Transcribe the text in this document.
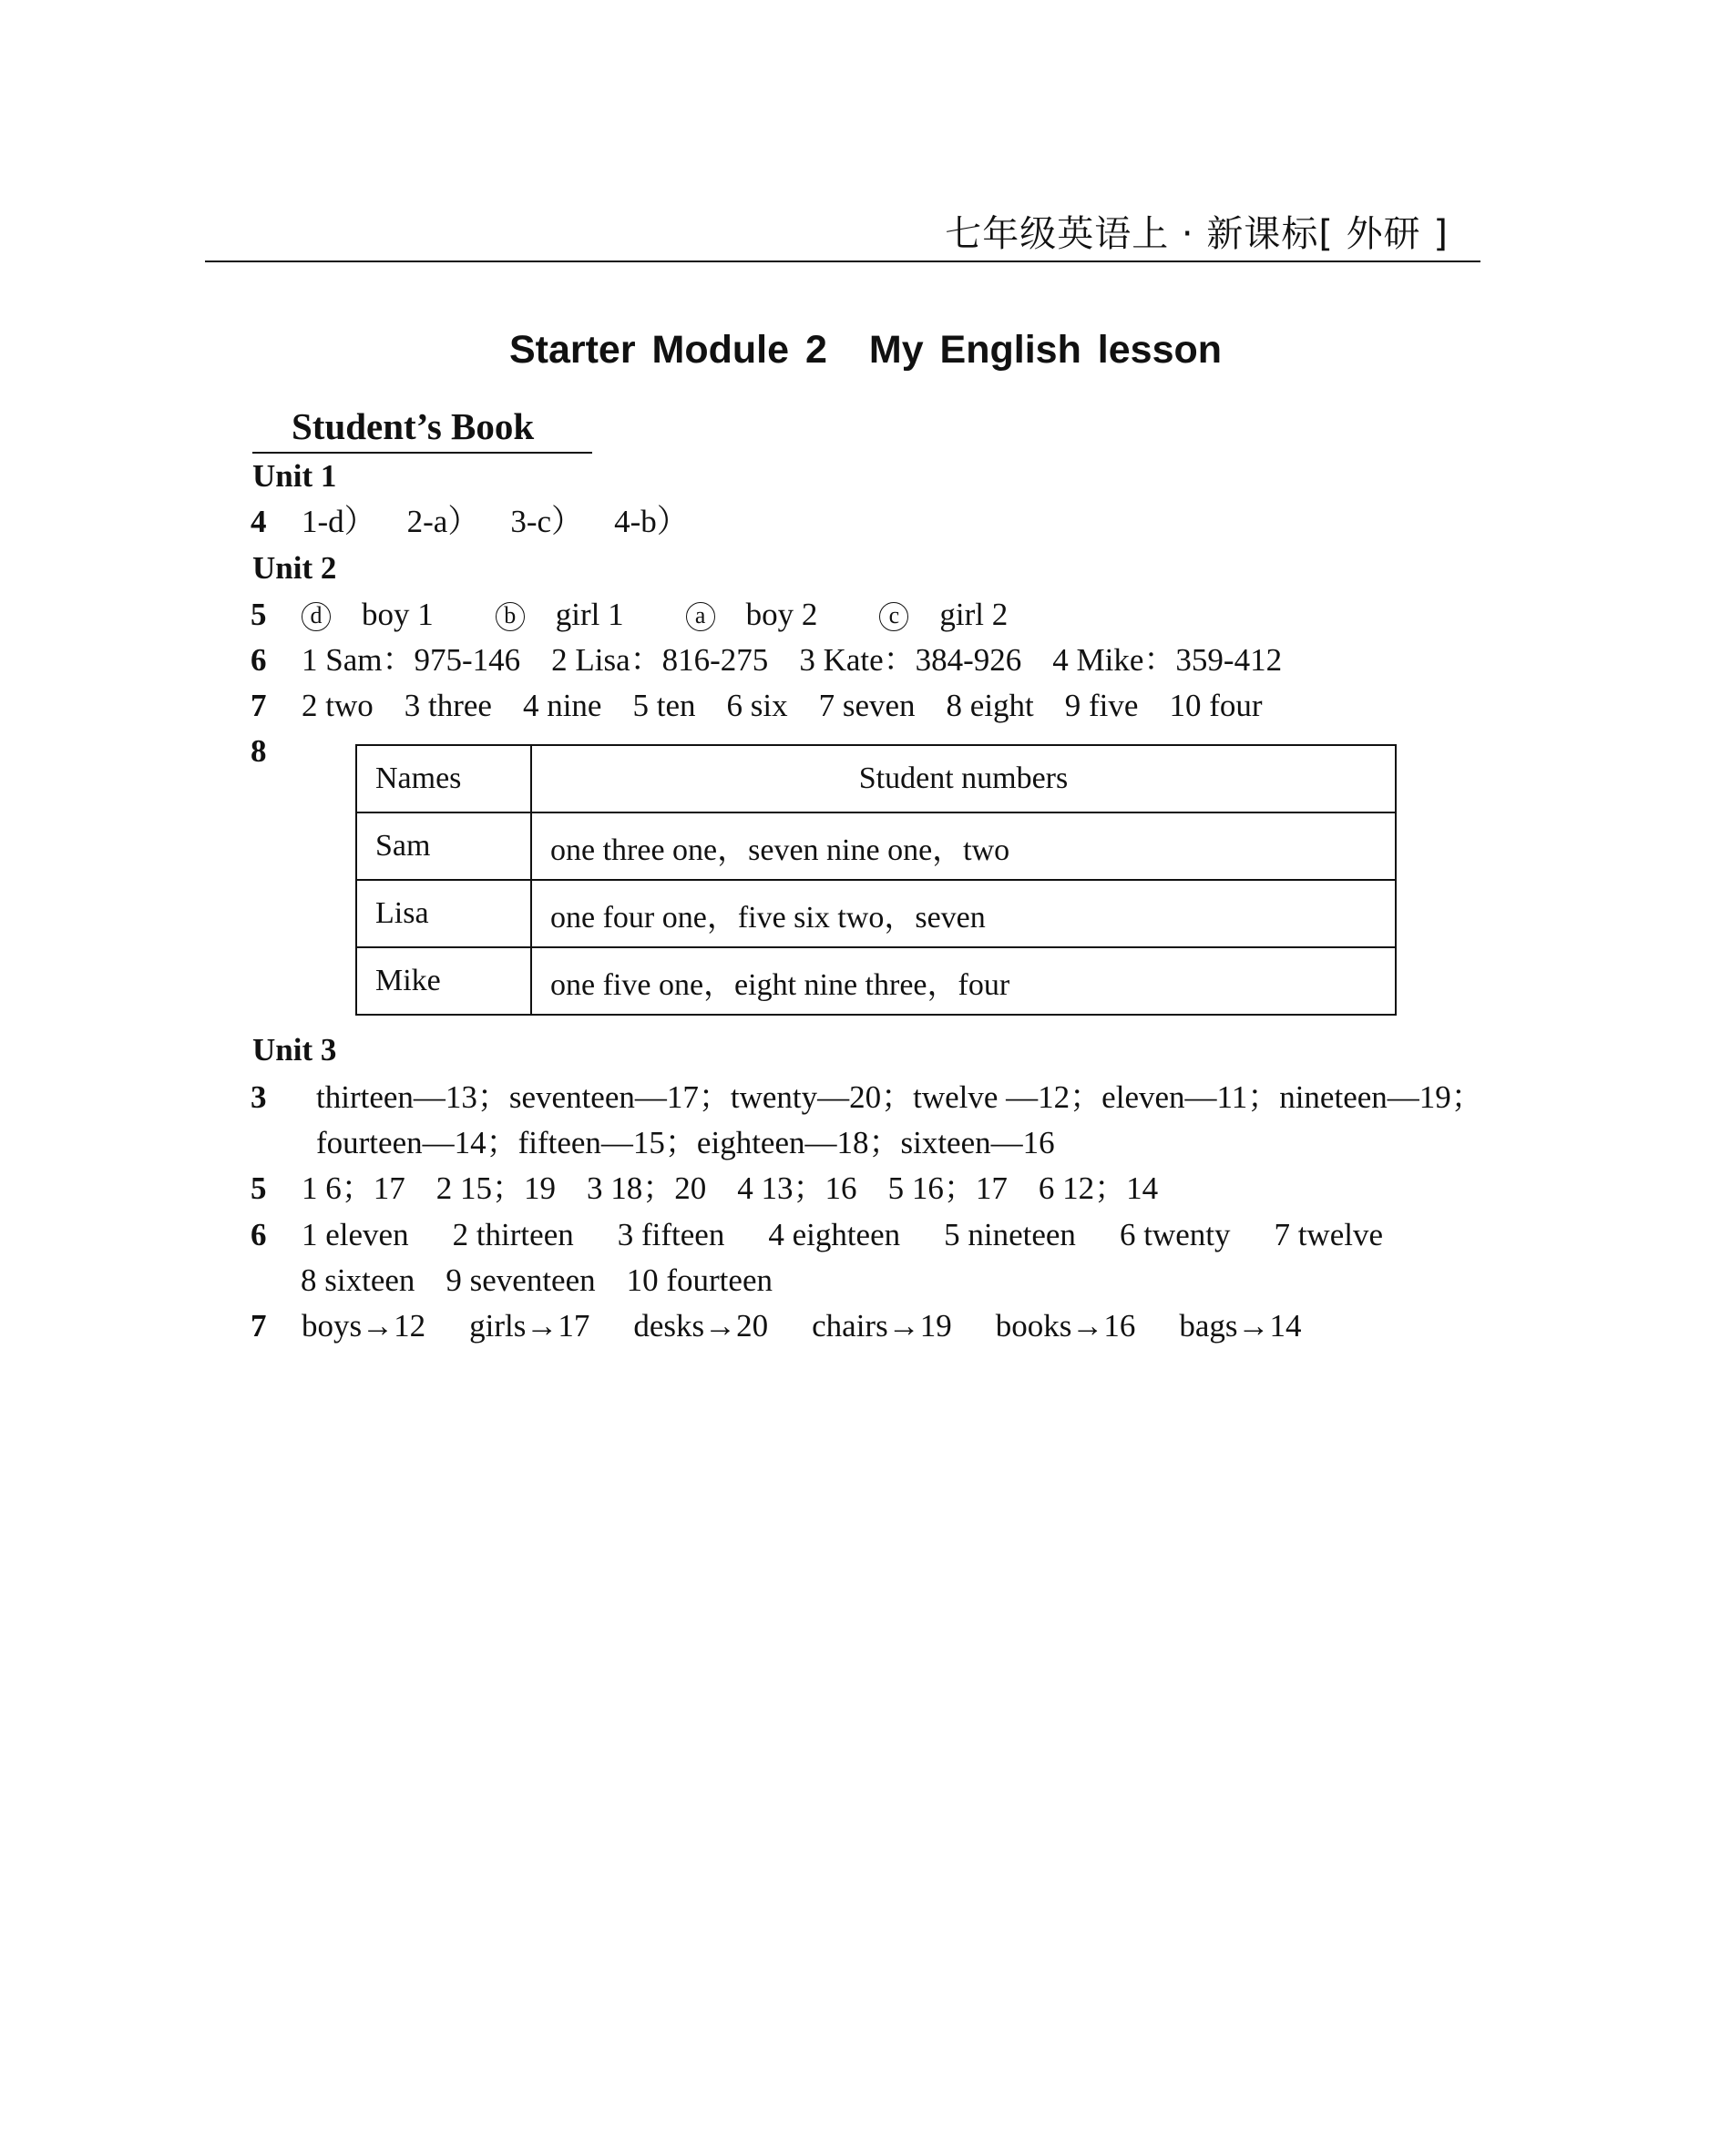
七年级英语上 · 新课标[ 外研 ]
Starter Module 2 My English lesson
Student’s Book
Unit 1
4 1-d） 2-a） 3-c） 4-b）
Unit 2
5	d boy 1	b girl 1	a boy 2	c girl 2
6 1 Sam：975-146 2 Lisa：816-275 3 Kate：384-926 4 Mike：359-412
7 2 two 3 three 4 nine 5 ten 6 six 7 seven 8 eight 9 five 10 four
8
Names	Student numbers
Sam	one three one，seven nine one，two
Lisa	one four one，five six two，seven
Mike	one five one，eight nine three，four
Unit 3
3 thirteen—13；seventeen—17；twenty—20；twelve —12；eleven—11；nineteen—19；
fourteen—14；fifteen—15；eighteen—18；sixteen—16
5 1 6；17 2 15；19 3 18；20 4 13；16 5 16；17 6 12；14
6 1 eleven 2 thirteen 3 fifteen 4 eighteen 5 nineteen 6 twenty 7 twelve
8 sixteen 9 seventeen 10 fourteen
7 boys→12 girls→17 desks→20 chairs→19 books→16 bags→14
